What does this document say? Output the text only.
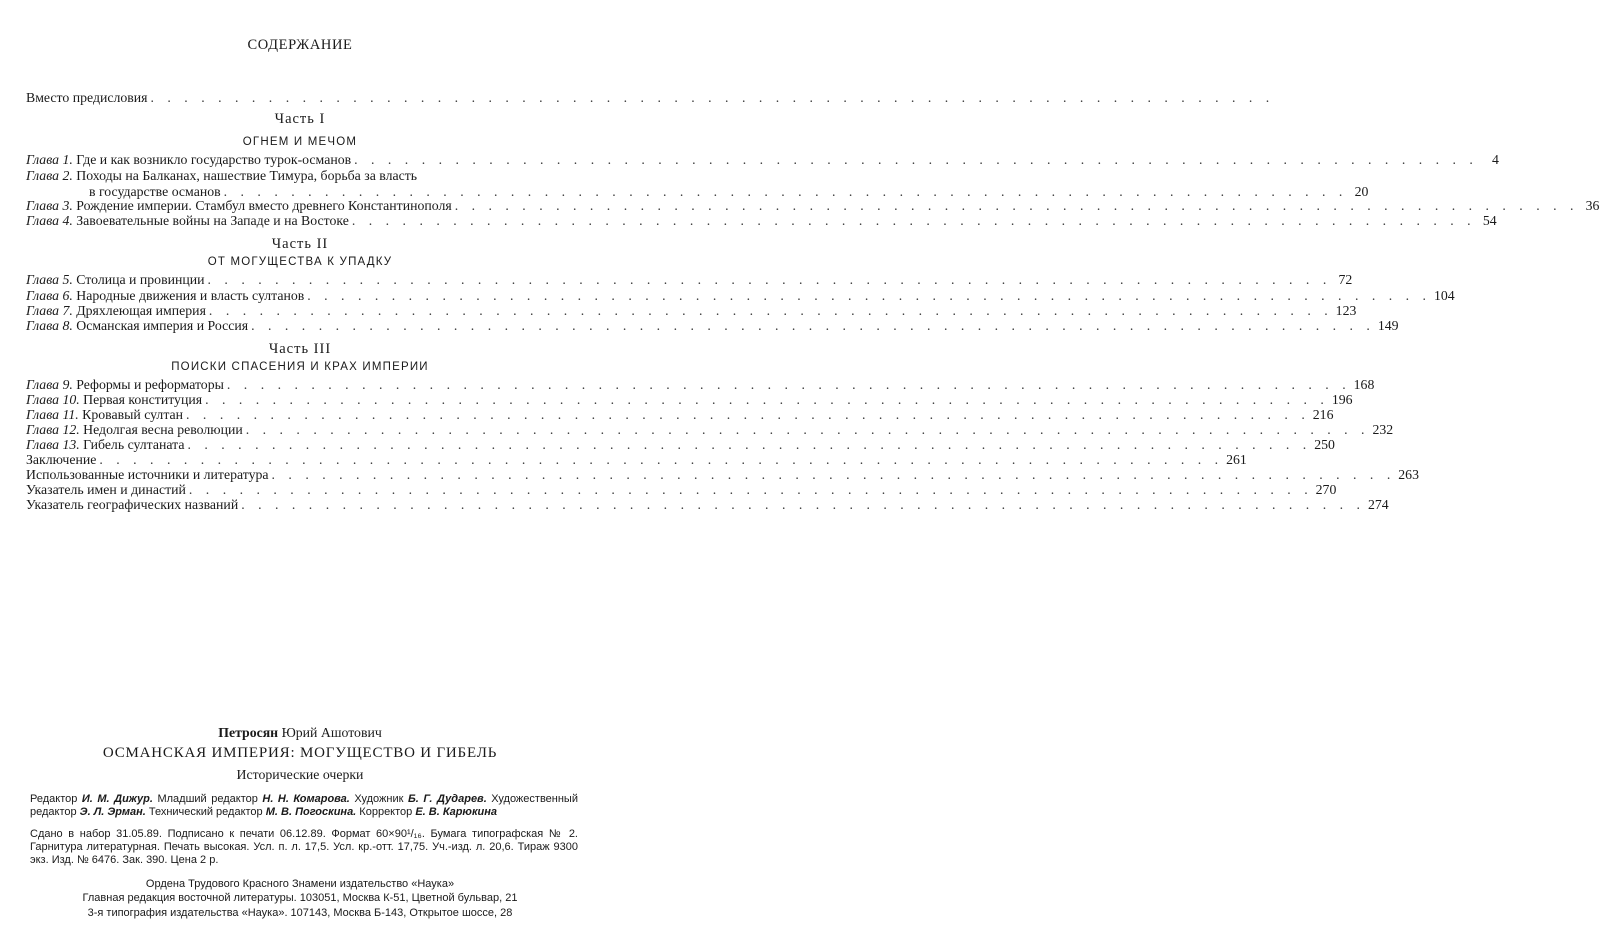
СОДЕРЖАНИЕ
Вместо предисловия
. . .
Часть I
ОГНЕМ И МЕЧОМ
Глава 1. Где и как возникло государство турок-османов . . .	4
Глава 2. Походы на Балканах, нашествие Тимура, борьба за власть
в государстве османов . . .	20
Глава 3. Рождение империи. Стамбул вместо древнего Константинополя . . .	36
Глава 4. Завоевательные войны на Западе и на Востоке . . .	54
Часть II
ОТ МОГУЩЕСТВА К УПАДКУ
Глава 5. Столица и провинции . . .	72
Глава 6. Народные движения и власть султанов . . .	104
Глава 7. Дряхлеющая империя . . .	123
Глава 8. Османская империя и Россия . . .	149
Часть III
ПОИСКИ СПАСЕНИЯ И КРАХ ИМПЕРИИ
Глава 9. Реформы и реформаторы . . .	168
Глава 10. Первая конституция . . .	196
Глава 11. Кровавый султан . . .	216
Глава 12. Недолгая весна революции . . .	232
Глава 13. Гибель султаната . . .	250
Заключение . . .	261
Использованные источники и литература . . .	263
Указатель имен и династий . . .	270
Указатель географических названий . . .	274
Петросян Юрий Ашотович
ОСМАНСКАЯ ИМПЕРИЯ: МОГУЩЕСТВО И ГИБЕЛЬ
Исторические очерки
Редактор И. М. Дижур. Младший редактор Н. Н. Комарова. Художник Б. Г. Дударев. Художественный редактор Э. Л. Эрман. Технический редактор М. В. Погоскина. Корректор Е. В. Карюкина
Сдано в набор 31.05.89. Подписано к печати 06.12.89. Формат 60×90¹/₁₆. Бумага типографская № 2. Гарнитура литературная. Печать высокая. Усл. п. л. 17,5. Усл. кр.-отт. 17,75. Уч.-изд. л. 20,6. Тираж 9300 экз. Изд. № 6476. Зак. 390. Цена 2 р.
Ордена Трудового Красного Знамени издательство «Наука»
Главная редакция восточной литературы. 103051, Москва К-51, Цветной бульвар, 21
3-я типография издательства «Наука». 107143, Москва Б-143, Открытое шоссе, 28
